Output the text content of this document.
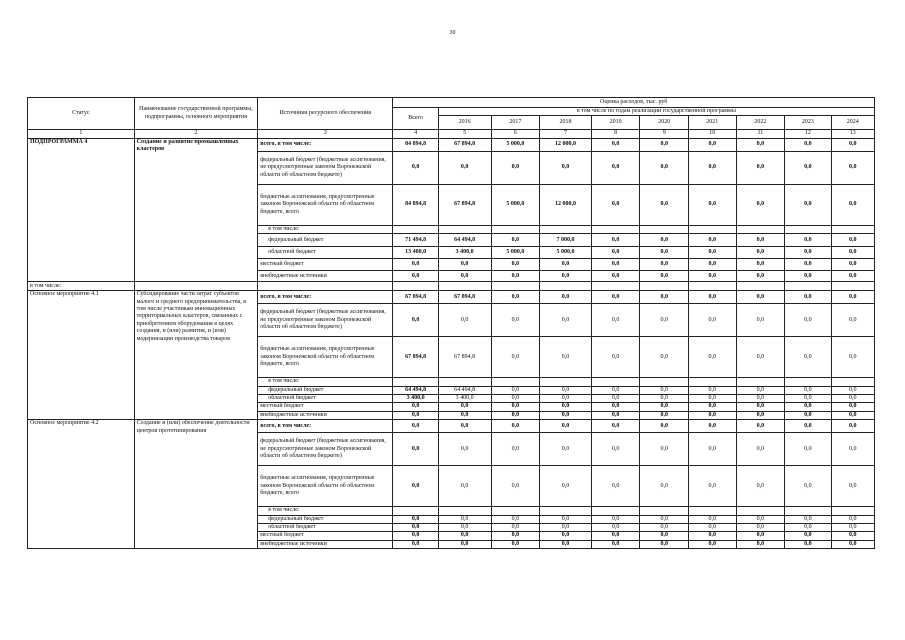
30
Статус	Наименование государственной программы, подпрограммы, основного мероприятия	Источники ресурсного обеспечения	Оценка расходов, тыс. руб									
			Всего	в том числе по годам реализации государственной программы								
				2016	2017	2018	2019	2020	2021	2022	2023	2024
1	2	3	4	5	6	7	8	9	10	11	12	13
ПОДПРОГРАММА 4	Создание и развитие промышленных кластеров	всего, в том числе:	84 894,8	67 894,8	5 000,0	12 000,0	0,0	0,0	0,0	0,0	0,0	0,0
		федеральный бюджет (бюджетные ассигнования, не предусмотренные законом Воронежской области об областном бюджете)	0,0	0,0	0,0	0,0	0,0	0,0	0,0	0,0	0,0	0,0
		бюджетные ассигнования, предусмотренные законом Воронежской области об областном бюджете, всего	84 894,8	67 894,8	5 000,0	12 000,0	0,0	0,0	0,0	0,0	0,0	0,0
		в том числе:										
		федеральный бюджет	71 494,8	64 494,8	0,0	7 000,0	0,0	0,0	0,0	0,0	0,0	0,0
		областной бюджет	13 400,0	3 400,0	5 000,0	5 000,0	0,0	0,0	0,0	0,0	0,0	0,0
		местный бюджет	0,0	0,0	0,0	0,0	0,0	0,0	0,0	0,0	0,0	0,0
		внебюджетные источники	0,0	0,0	0,0	0,0	0,0	0,0	0,0	0,0	0,0	0,0
в том числе:												
Основное мероприятие 4.1	Субсидирование части затрат субъектов малого и среднего предпринимательства, в том числе участникам инновационных территориальных кластеров, связанных с приобретением оборудования в целях создания, и (или) развития, и (или) модернизации производства товаров	всего, в том числе:	67 894,8	67 894,8	0,0	0,0	0,0	0,0	0,0	0,0	0,0	0,0
		федеральный бюджет (бюджетные ассигнования, не предусмотренные законом Воронежской области об областном бюджете)	0,0	0,0	0,0	0,0	0,0	0,0	0,0	0,0	0,0	0,0
		бюджетные ассигнования, предусмотренные законом Воронежской области об областном бюджете, всего	67 894,8	67 894,8	0,0	0,0	0,0	0,0	0,0	0,0	0,0	0,0
		в том числе:										
		федеральный бюджет	64 494,8	64 494,8	0,0	0,0	0,0	0,0	0,0	0,0	0,0	0,0
		областной бюджет	3 400,0	3 400,0	0,0	0,0	0,0	0,0	0,0	0,0	0,0	0,0
		местный бюджет	0,0	0,0	0,0	0,0	0,0	0,0	0,0	0,0	0,0	0,0
		внебюджетные источники	0,0	0,0	0,0	0,0	0,0	0,0	0,0	0,0	0,0	0,0
Основное мероприятие 4.2	Создание и (или) обеспечение деятельности центров прототипирования	всего, в том числе:	0,0	0,0	0,0	0,0	0,0	0,0	0,0	0,0	0,0	0,0
		федеральный бюджет (бюджетные ассигнования, не предусмотренные законом Воронежской области об областном бюджете)	0,0	0,0	0,0	0,0	0,0	0,0	0,0	0,0	0,0	0,0
		бюджетные ассигнования, предусмотренные законом Воронежской области об областном бюджете, всего	0,0	0,0	0,0	0,0	0,0	0,0	0,0	0,0	0,0	0,0
		в том числе:										
		федеральный бюджет	0,0	0,0	0,0	0,0	0,0	0,0	0,0	0,0	0,0	0,0
		областной бюджет	0,0	0,0	0,0	0,0	0,0	0,0	0,0	0,0	0,0	0,0
		местный бюджет	0,0	0,0	0,0	0,0	0,0	0,0	0,0	0,0	0,0	0,0
		внебюджетные источники	0,0	0,0	0,0	0,0	0,0	0,0	0,0	0,0	0,0	0,0
